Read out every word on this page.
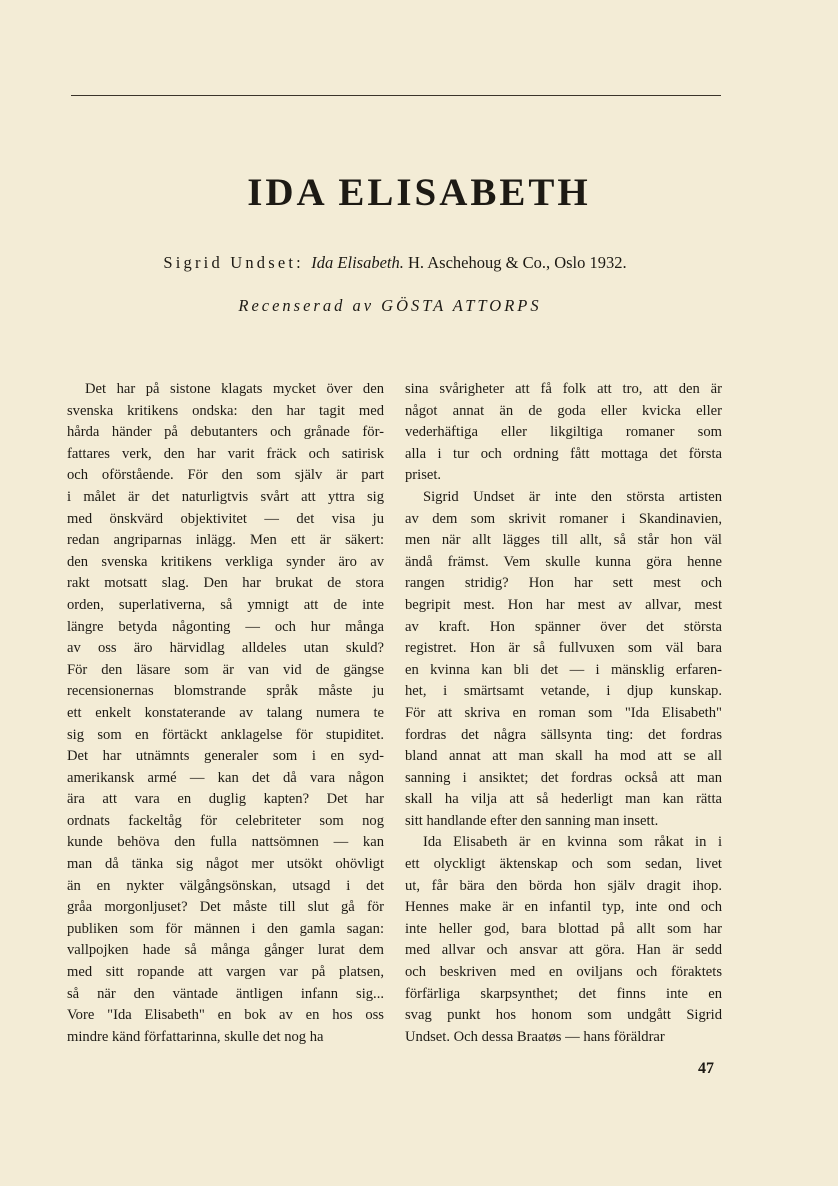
IDA ELISABETH
Sigrid Undset: Ida Elisabeth. H. Aschehoug & Co., Oslo 1932.
Recenserad av GÖSTA ATTORPS
Det har på sistone klagats mycket över den
svenska kritikens ondska: den har tagit med
hårda händer på debutanters och grånade för-
fattares verk, den har varit fräck och satirisk
och oförstående. För den som själv är part
i målet är det naturligtvis svårt att yttra sig
med önskvärd objektivitet — det visa ju
redan angriparnas inlägg. Men ett är säkert:
den svenska kritikens verkliga synder äro av
rakt motsatt slag. Den har brukat de stora
orden, superlativerna, så ymnigt att de inte
längre betyda någonting — och hur många
av oss äro härvidlag alldeles utan skuld?
För den läsare som är van vid de gängse
recensionernas blomstrande språk måste ju
ett enkelt konstaterande av talang numera te
sig som en förtäckt anklagelse för stupiditet.
Det har utnämnts generaler som i en syd-
amerikansk armé — kan det då vara någon
ära att vara en duglig kapten? Det har
ordnats fackeltåg för celebriteter som nog
kunde behöva den fulla nattsömnen — kan
man då tänka sig något mer utsökt ohövligt
än en nykter välgångsönskan, utsagd i det
gråa morgonljuset? Det måste till slut gå för
publiken som för männen i den gamla sagan:
vallpojken hade så många gånger lurat dem
med sitt ropande att vargen var på platsen,
så när den väntade äntligen infann sig...
Vore "Ida Elisabeth" en bok av en hos oss
mindre känd författarinna, skulle det nog ha
sina svårigheter att få folk att tro, att den är
något annat än de goda eller kvicka eller
vederhäftiga eller likgiltiga romaner som
alla i tur och ordning fått mottaga det första
priset.
Sigrid Undset är inte den största artisten
av dem som skrivit romaner i Skandinavien,
men när allt lägges till allt, så står hon väl
ändå främst. Vem skulle kunna göra henne
rangen stridig? Hon har sett mest och
begripit mest. Hon har mest av allvar, mest
av kraft. Hon spänner över det största
registret. Hon är så fullvuxen som väl bara
en kvinna kan bli det — i mänsklig erfaren-
het, i smärtsamt vetande, i djup kunskap.
För att skriva en roman som "Ida Elisabeth"
fordras det några sällsynta ting: det fordras
bland annat att man skall ha mod att se all
sanning i ansiktet; det fordras också att man
skall ha vilja att så hederligt man kan rätta
sitt handlande efter den sanning man insett.
Ida Elisabeth är en kvinna som råkat in i
ett olyckligt äktenskap och som sedan, livet
ut, får bära den börda hon själv dragit ihop.
Hennes make är en infantil typ, inte ond och
inte heller god, bara blottad på allt som har
med allvar och ansvar att göra. Han är sedd
och beskriven med en oviljans och föraktets
förfärliga skarpsynthet; det finns inte en
svag punkt hos honom som undgått Sigrid
Undset. Och dessa Braatøs — hans föräldrar
47
